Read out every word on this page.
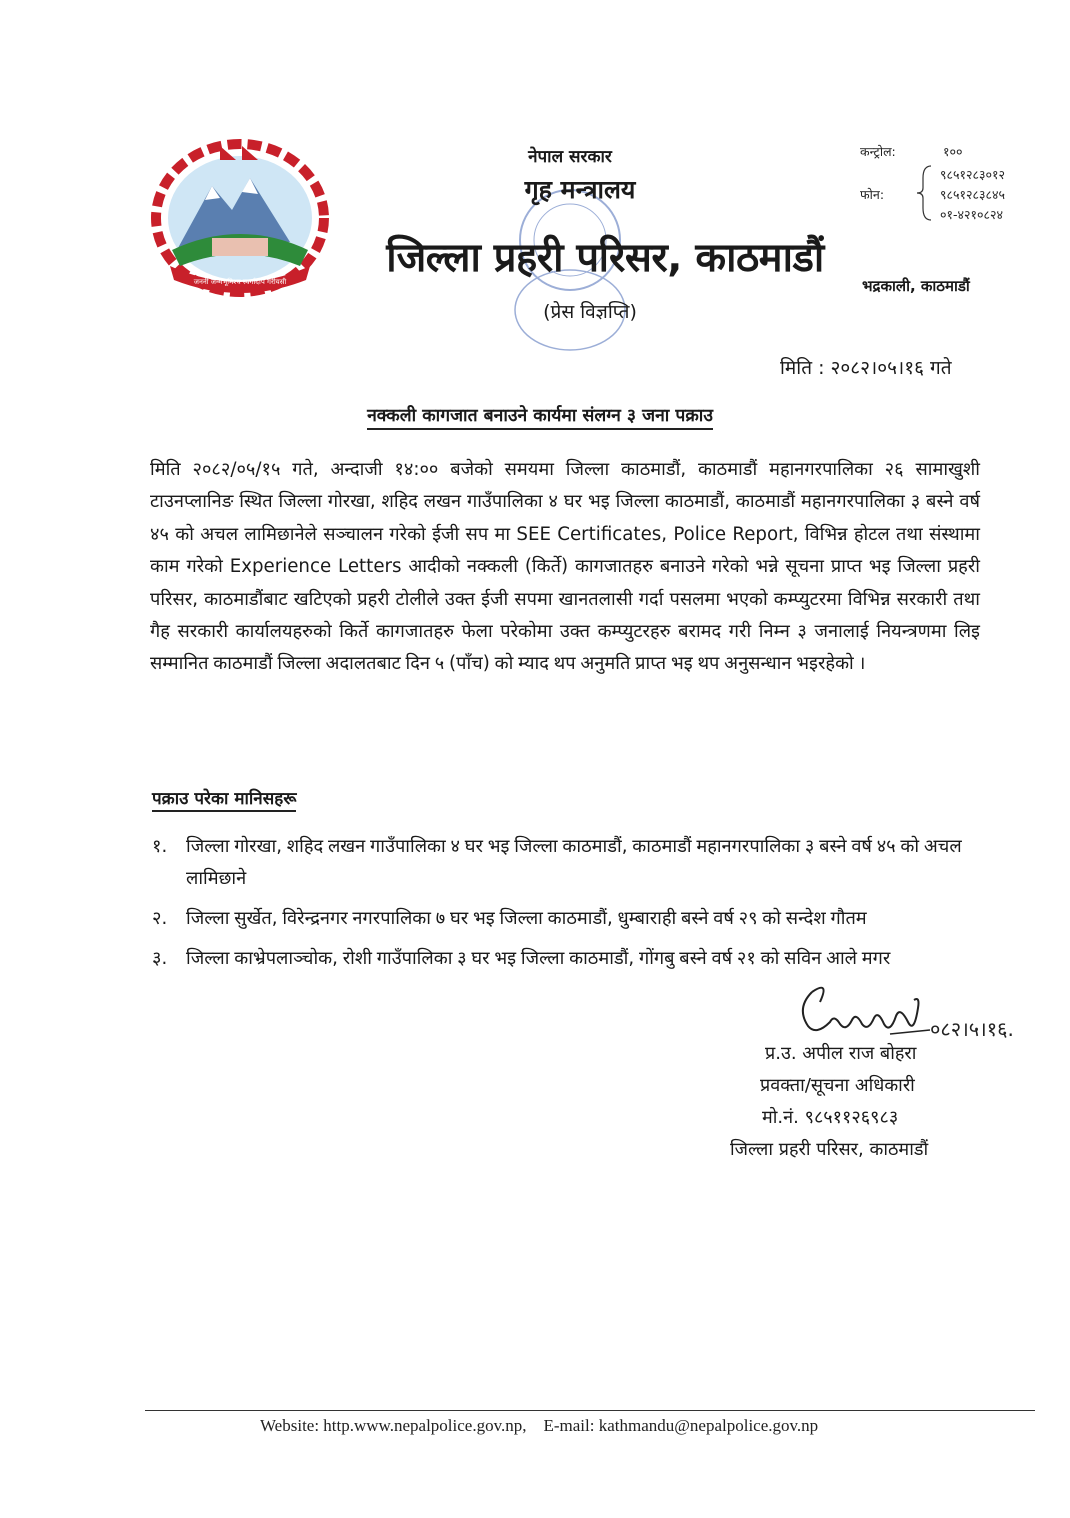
जननी जन्मभूमिश्च स्वर्गादपि गरीयसी
नेपाल सरकार
गृह मन्त्रालय
जिल्ला प्रहरी परिसर, काठमाडौं
(प्रेस विज्ञप्ति)
कन्ट्रोल:	१००
फोन:
९८५१२८३०१२
९८५१२८३८४५
०१-४२१०८२४
भद्रकाली, काठमाडौं
मिति : २०८२।०५।१६ गते
नक्कली कागजात बनाउने कार्यमा संलग्न ३ जना पक्राउ
मिति २०८२/०५/१५ गते, अन्दाजी १४:०० बजेको समयमा जिल्ला काठमाडौं, काठमाडौं महानगरपालिका २६ सामाखुशी टाउनप्लानिङ स्थित जिल्ला गोरखा, शहिद लखन गाउँपालिका ४ घर भइ जिल्ला काठमाडौं, काठमाडौं महानगरपालिका ३ बस्ने वर्ष ४५ को अचल लामिछानेले सञ्चालन गरेको ईजी सप मा SEE Certificates, Police Report, विभिन्न होटल तथा संस्थामा काम गरेको Experience Letters आदीको नक्कली (किर्ते) कागजातहरु बनाउने गरेको भन्ने सूचना प्राप्त भइ जिल्ला प्रहरी परिसर, काठमाडौंबाट खटिएको प्रहरी टोलीले उक्त ईजी सपमा खानतलासी गर्दा पसलमा भएको कम्प्युटरमा विभिन्न सरकारी तथा गैह सरकारी कार्यालयहरुको किर्ते कागजातहरु फेला परेकोमा उक्त कम्प्युटरहरु बरामद गरी निम्न ३ जनालाई नियन्त्रणमा लिइ सम्मानित काठमाडौं जिल्ला अदालतबाट दिन ५ (पाँच) को म्याद थप अनुमति प्राप्त भइ थप अनुसन्धान भइरहेको ।
पक्राउ परेका मानिसहरू
१.	जिल्ला गोरखा, शहिद लखन गाउँपालिका ४ घर भइ जिल्ला काठमाडौं, काठमाडौं महानगरपालिका ३ बस्ने वर्ष ४५ को अचल लामिछाने
२.	जिल्ला सुर्खेत, विरेन्द्रनगर नगरपालिका ७ घर भइ जिल्ला काठमाडौं, धुम्बाराही बस्ने वर्ष २९ को सन्देश गौतम
३.	जिल्ला काभ्रेपलाञ्चोक, रोशी गाउँपालिका ३ घर भइ जिल्ला काठमाडौं, गोंगबु बस्ने वर्ष २१ को सविन आले मगर
०८२।५।१६.
प्र.उ. अपील राज बोहरा
प्रवक्ता/सूचना अधिकारी
मो.नं. ९८५११२६९८३
जिल्ला प्रहरी परिसर, काठमाडौं
Website: http.www.nepalpolice.gov.np,    E-mail: kathmandu@nepalpolice.gov.np
